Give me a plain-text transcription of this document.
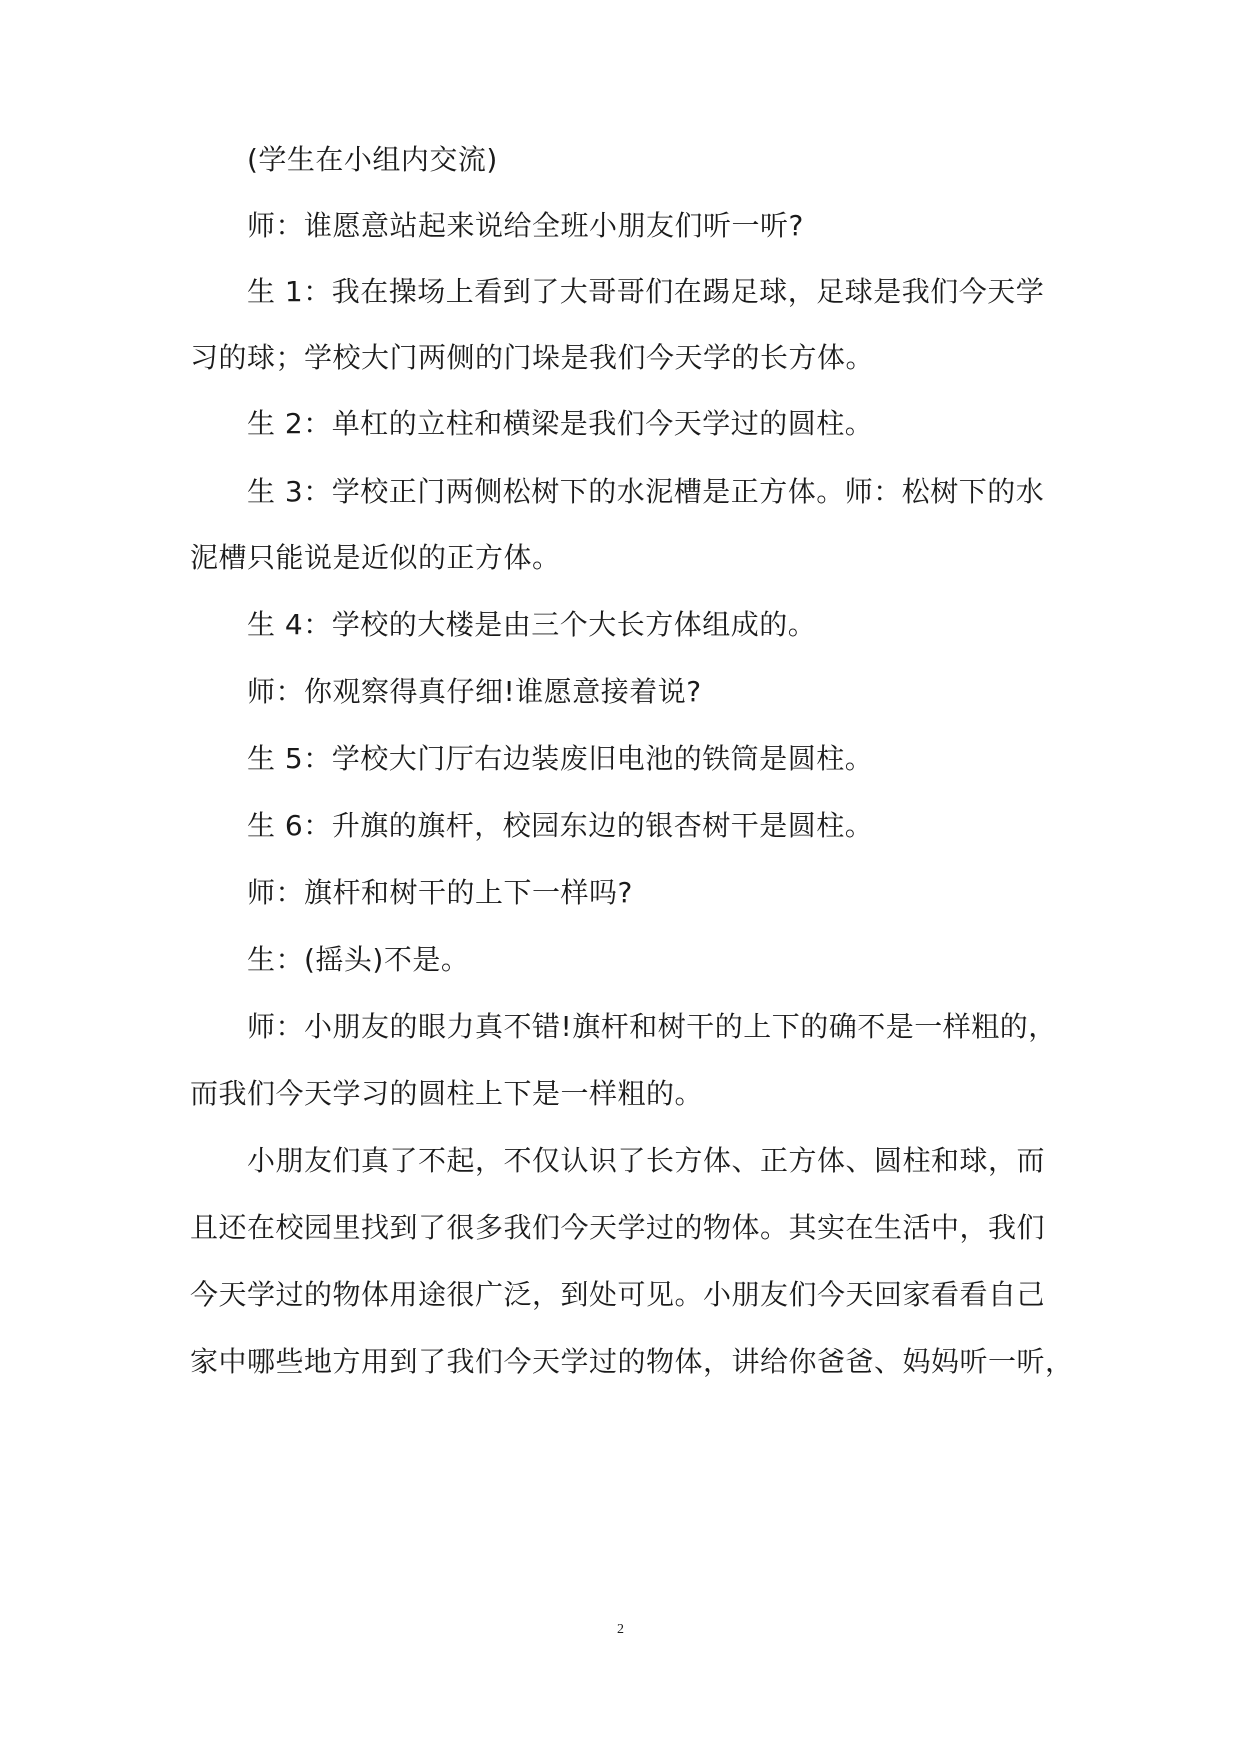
(学生在小组内交流)
师：谁愿意站起来说给全班小朋友们听一听?
生 1：我在操场上看到了大哥哥们在踢足球，足球是我们今天学
习的球；学校大门两侧的门垛是我们今天学的长方体。
生 2：单杠的立柱和横梁是我们今天学过的圆柱。
生 3：学校正门两侧松树下的水泥槽是正方体。师：松树下的水
泥槽只能说是近似的正方体。
生 4：学校的大楼是由三个大长方体组成的。
师：你观察得真仔细!谁愿意接着说?
生 5：学校大门厅右边装废旧电池的铁筒是圆柱。
生 6：升旗的旗杆，校园东边的银杏树干是圆柱。
师：旗杆和树干的上下一样吗?
生：(摇头)不是。
师：小朋友的眼力真不错!旗杆和树干的上下的确不是一样粗的，
而我们今天学习的圆柱上下是一样粗的。
小朋友们真了不起，不仅认识了长方体、正方体、圆柱和球，而
且还在校园里找到了很多我们今天学过的物体。其实在生活中，我们
今天学过的物体用途很广泛，到处可见。小朋友们今天回家看看自己
家中哪些地方用到了我们今天学过的物体，讲给你爸爸、妈妈听一听，
2
